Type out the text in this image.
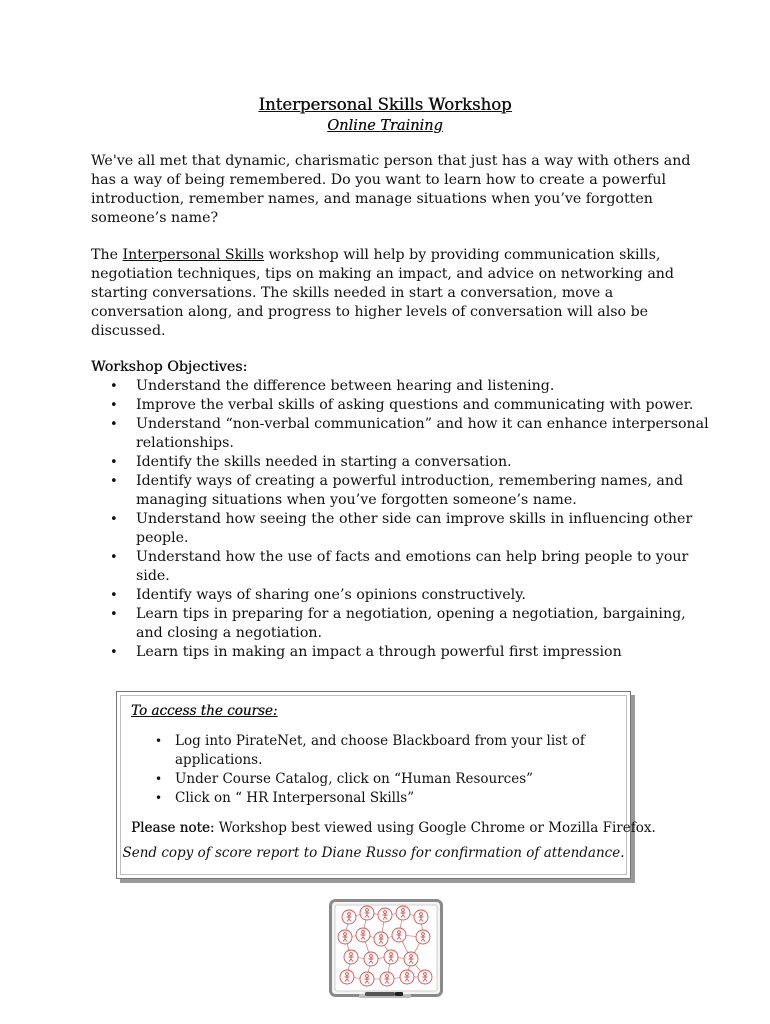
Interpersonal Skills Workshop
Online Training

We've all met that dynamic, charismatic person that just has a way with others and has a way of being remembered. Do you want to learn how to create a powerful introduction, remember names, and manage situations when you’ve forgotten someone’s name?

The Interpersonal Skills workshop will help by providing communication skills, negotiation techniques, tips on making an impact, and advice on networking and starting conversations. The skills needed in start a conversation, move a conversation along, and progress to higher levels of conversation will also be discussed.

Workshop Objectives:
• Understand the difference between hearing and listening.
• Improve the verbal skills of asking questions and communicating with power.
• Understand “non-verbal communication” and how it can enhance interpersonal relationships.
• Identify the skills needed in starting a conversation.
• Identify ways of creating a powerful introduction, remembering names, and managing situations when you’ve forgotten someone’s name.
• Understand how seeing the other side can improve skills in influencing other people.
• Understand how the use of facts and emotions can help bring people to your side.
• Identify ways of sharing one’s opinions constructively.
• Learn tips in preparing for a negotiation, opening a negotiation, bargaining, and closing a negotiation.
• Learn tips in making an impact a through powerful first impression
To access the course:
• Log into PirateNet, and choose Blackboard from your list of applications.
• Under Course Catalog, click on “Human Resources”
• Click on “ HR Interpersonal Skills”
Please note: Workshop best viewed using Google Chrome or Mozilla Firefox.
Send copy of score report to Diane Russo for confirmation of attendance.
